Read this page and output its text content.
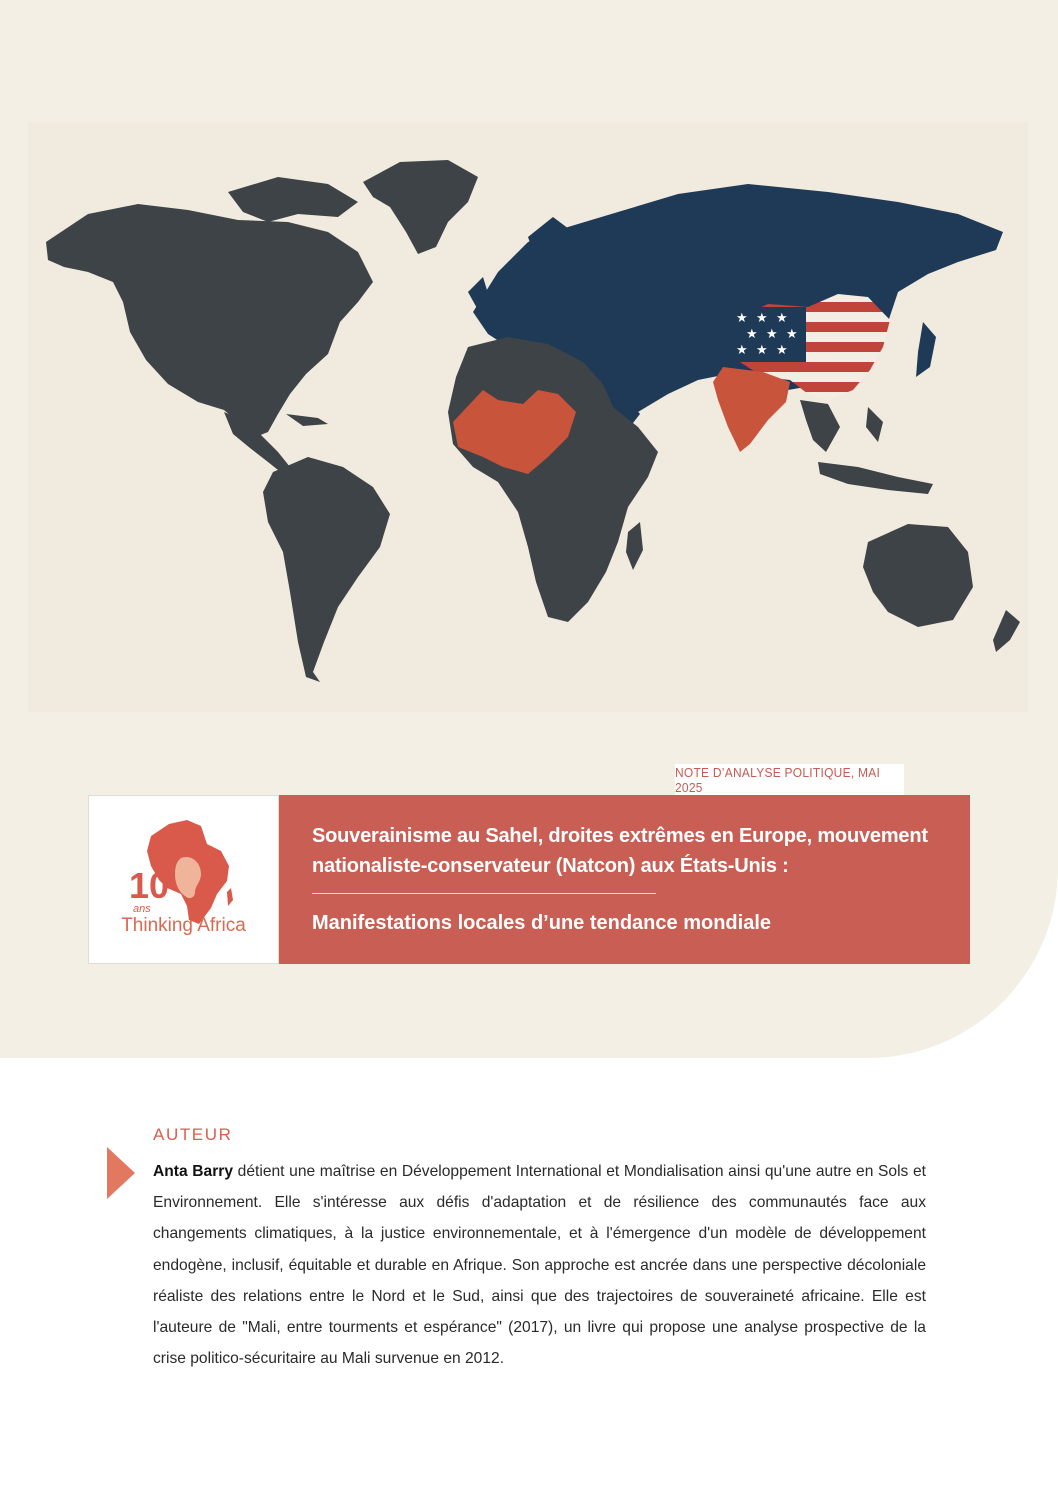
★ ★ ★
★ ★ ★
★ ★ ★
NOTE D’ANALYSE POLITIQUE, MAI 2025
10
ans
Thinking Africa
Souverainisme au Sahel, droites extrêmes en Europe, mouvement nationaliste-conservateur (Natcon) aux États-Unis :
Manifestations locales d’une tendance mondiale
AUTEUR
Anta Barry détient une maîtrise en Développement International et Mondialisation ainsi qu'une autre en Sols et Environnement. Elle s'intéresse aux défis d'adaptation et de résilience des communautés face aux changements climatiques, à la justice environnementale, et à l'émergence d'un modèle de développement endogène, inclusif, équitable et durable en Afrique. Son approche est ancrée dans une perspective décoloniale réaliste des relations entre le Nord et le Sud, ainsi que des trajectoires de souveraineté africaine. Elle est l'auteure de "Mali, entre tourments et espérance" (2017), un livre qui propose une analyse prospective de la crise politico-sécuritaire au Mali survenue en 2012.
